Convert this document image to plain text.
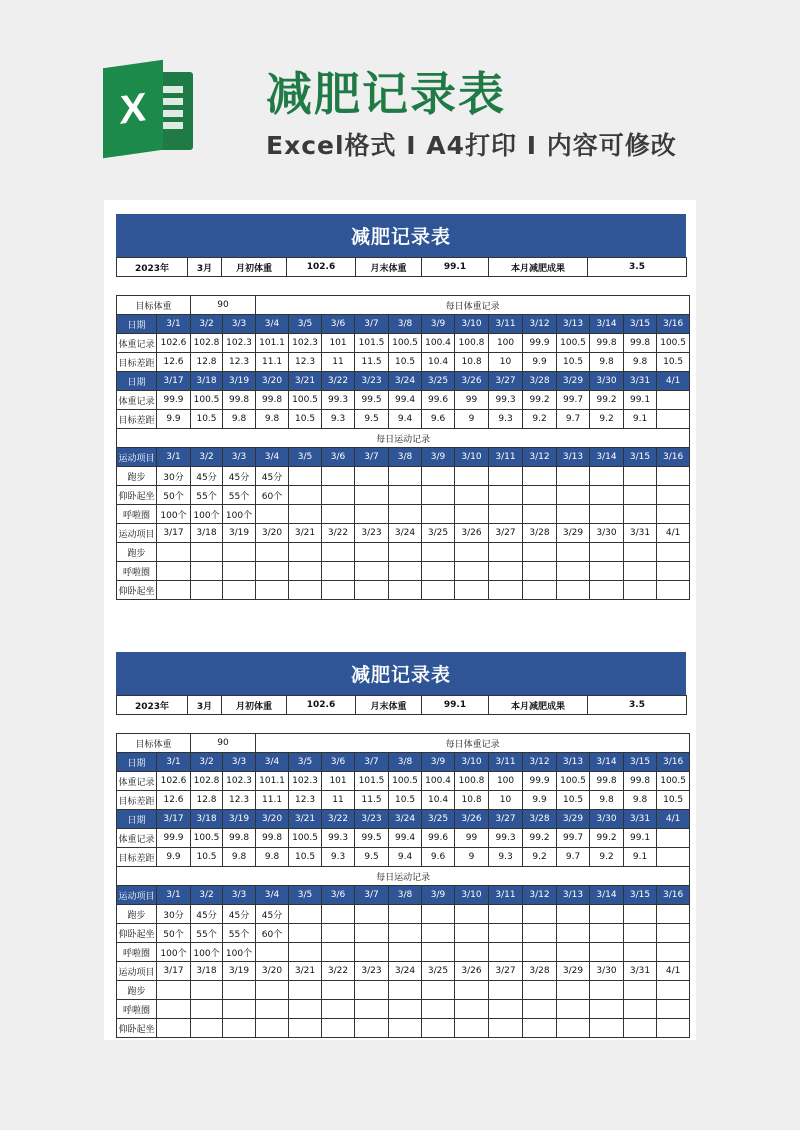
X	减肥记录表
Excel格式 I A4打印 I 内容可修改
减肥记录表
2023年	3月	月初体重	102.6	月末体重	99.1	本月减肥成果	3.5
目标体重		90		每日体重记录												
日期	3/1	3/2	3/3	3/4	3/5	3/6	3/7	3/8	3/9	3/10	3/11	3/12	3/13	3/14	3/15	3/16
体重记录	102.6	102.8	102.3	101.1	102.3	101	101.5	100.5	100.4	100.8	100	99.9	100.5	99.8	99.8	100.5
目标差距	12.6	12.8	12.3	11.1	12.3	11	11.5	10.5	10.4	10.8	10	9.9	10.5	9.8	9.8	10.5
日期	3/17	3/18	3/19	3/20	3/21	3/22	3/23	3/24	3/25	3/26	3/27	3/28	3/29	3/30	3/31	4/1
体重记录	99.9	100.5	99.8	99.8	100.5	99.3	99.5	99.4	99.6	99	99.3	99.2	99.7	99.2	99.1	
目标差距	9.9	10.5	9.8	9.8	10.5	9.3	9.5	9.4	9.6	9	9.3	9.2	9.7	9.2	9.1	
每日运动记录																
运动项目	3/1	3/2	3/3	3/4	3/5	3/6	3/7	3/8	3/9	3/10	3/11	3/12	3/13	3/14	3/15	3/16
跑步	30分	45分	45分	45分												
仰卧起坐	50个	55个	55个	60个												
呼啦圈	100个	100个	100个													
运动项目	3/17	3/18	3/19	3/20	3/21	3/22	3/23	3/24	3/25	3/26	3/27	3/28	3/29	3/30	3/31	4/1
跑步																
呼啦圈																
仰卧起坐																
减肥记录表
2023年	3月	月初体重	102.6	月末体重	99.1	本月减肥成果	3.5
目标体重		90		每日体重记录												
日期	3/1	3/2	3/3	3/4	3/5	3/6	3/7	3/8	3/9	3/10	3/11	3/12	3/13	3/14	3/15	3/16
体重记录	102.6	102.8	102.3	101.1	102.3	101	101.5	100.5	100.4	100.8	100	99.9	100.5	99.8	99.8	100.5
目标差距	12.6	12.8	12.3	11.1	12.3	11	11.5	10.5	10.4	10.8	10	9.9	10.5	9.8	9.8	10.5
日期	3/17	3/18	3/19	3/20	3/21	3/22	3/23	3/24	3/25	3/26	3/27	3/28	3/29	3/30	3/31	4/1
体重记录	99.9	100.5	99.8	99.8	100.5	99.3	99.5	99.4	99.6	99	99.3	99.2	99.7	99.2	99.1	
目标差距	9.9	10.5	9.8	9.8	10.5	9.3	9.5	9.4	9.6	9	9.3	9.2	9.7	9.2	9.1	
每日运动记录																
运动项目	3/1	3/2	3/3	3/4	3/5	3/6	3/7	3/8	3/9	3/10	3/11	3/12	3/13	3/14	3/15	3/16
跑步	30分	45分	45分	45分												
仰卧起坐	50个	55个	55个	60个												
呼啦圈	100个	100个	100个													
运动项目	3/17	3/18	3/19	3/20	3/21	3/22	3/23	3/24	3/25	3/26	3/27	3/28	3/29	3/30	3/31	4/1
跑步																
呼啦圈																
仰卧起坐																
